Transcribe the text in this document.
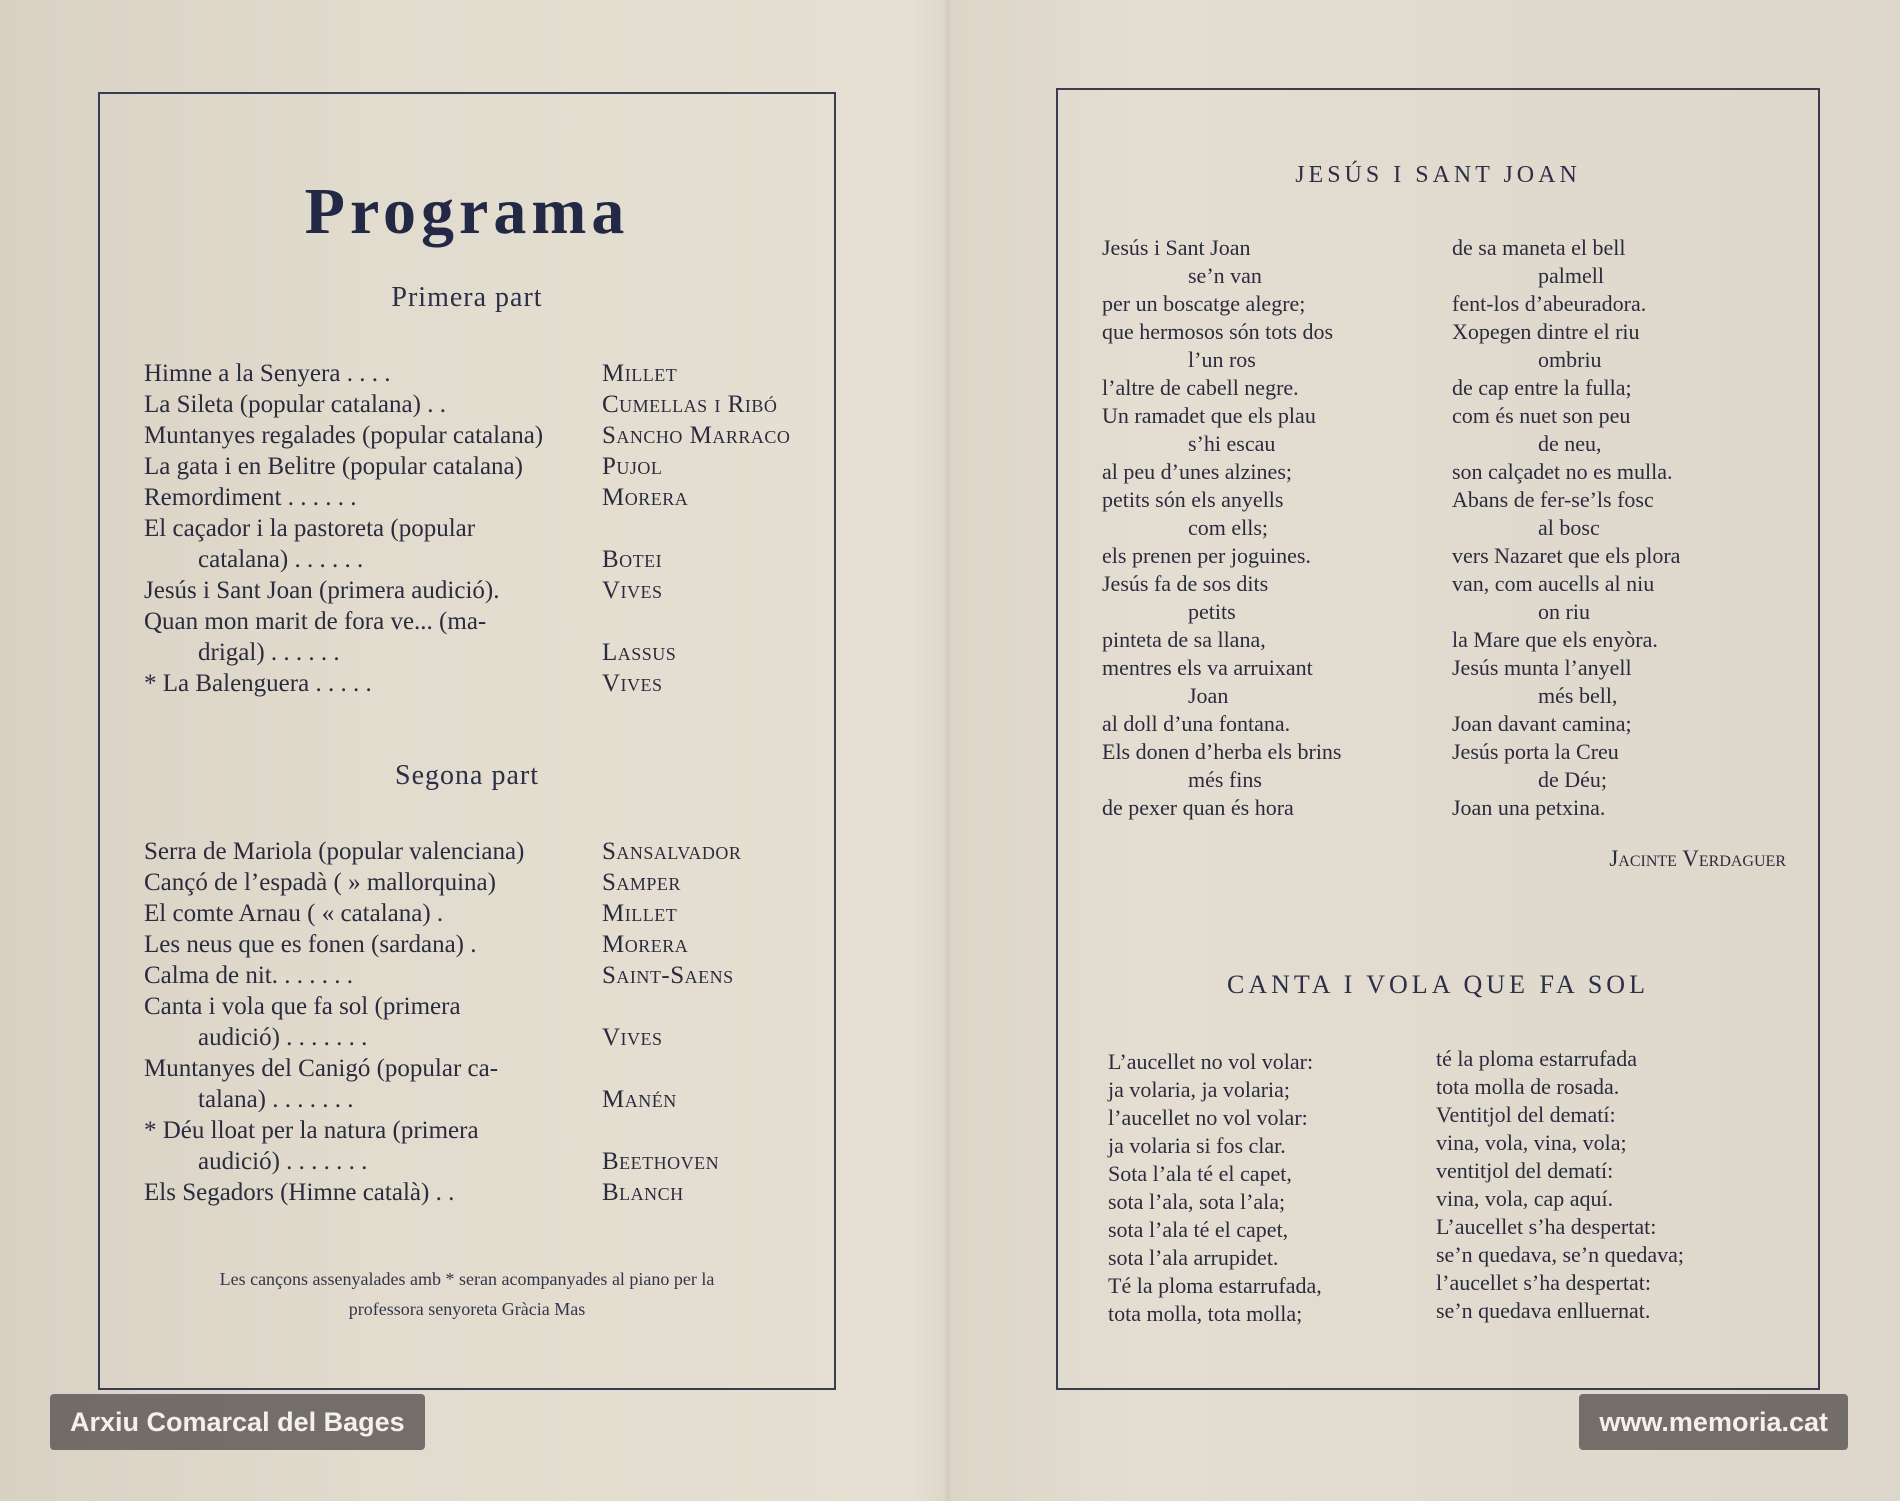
Programa
Primera part
Himne a la Senyera . . . .	Millet
La Sileta (popular catalana) . .	Cumellas i Ribó
Muntanyes regalades (popular catalana)	Sancho Marraco
La gata i en Belitre (popular catalana)	Pujol
Remordiment . . . . . .	Morera
El caçador i la pastoreta (popular
catalana) . . . . . .	Botei
Jesús i Sant Joan (primera audició).	Vives
Quan mon marit de fora ve... (ma-
drigal) . . . . . .	Lassus
* La Balenguera . . . . .	Vives
Segona part
Serra de Mariola (popular valenciana)	Sansalvador
Cançó de l’espadà ( » mallorquina)	Samper
El comte Arnau ( « catalana) .	Millet
Les neus que es fonen (sardana) .	Morera
Calma de nit. . . . . . .	Saint-Saens
Canta i vola que fa sol (primera
audició) . . . . . . .	Vives
Muntanyes del Canigó (popular ca-
talana) . . . . . . .	Manén
* Déu lloat per la natura (primera
audició) . . . . . . .	Beethoven
Els Segadors (Himne català) . .	Blanch
Les cançons assenyalades amb * seran acompanyades al piano per la
professora senyoreta Gràcia Mas
JESÚS I SANT JOAN
Jesús i Sant Joan
se’n van
per un boscatge alegre;
que hermosos són tots dos
l’un ros
l’altre de cabell negre.
Un ramadet que els plau
s’hi escau
al peu d’unes alzines;
petits són els anyells
com ells;
els prenen per joguines.
Jesús fa de sos dits
petits
pinteta de sa llana,
mentres els va arruixant
Joan
al doll d’una fontana.
Els donen d’herba els brins
més fins
de pexer quan és hora
de sa maneta el bell
palmell
fent-los d’abeuradora.
Xopegen dintre el riu
ombriu
de cap entre la fulla;
com és nuet son peu
de neu,
son calçadet no es mulla.
Abans de fer-se’ls fosc
al bosc
vers Nazaret que els plora
van, com aucells al niu
on riu
la Mare que els enyòra.
Jesús munta l’anyell
més bell,
Joan davant camina;
Jesús porta la Creu
de Déu;
Joan una petxina.
Jacinte Verdaguer
CANTA I VOLA QUE FA SOL
L’aucellet no vol volar:
ja volaria, ja volaria;
l’aucellet no vol volar:
ja volaria si fos clar.
Sota l’ala té el capet,
sota l’ala, sota l’ala;
sota l’ala té el capet,
sota l’ala arrupidet.
Té la ploma estarrufada,
tota molla, tota molla;
té la ploma estarrufada
tota molla de rosada.
Ventitjol del dematí:
vina, vola, vina, vola;
ventitjol del dematí:
vina, vola, cap aquí.
L’aucellet s’ha despertat:
se’n quedava, se’n quedava;
l’aucellet s’ha despertat:
se’n quedava enlluernat.
Arxiu Comarcal del Bages	www.memoria.cat
